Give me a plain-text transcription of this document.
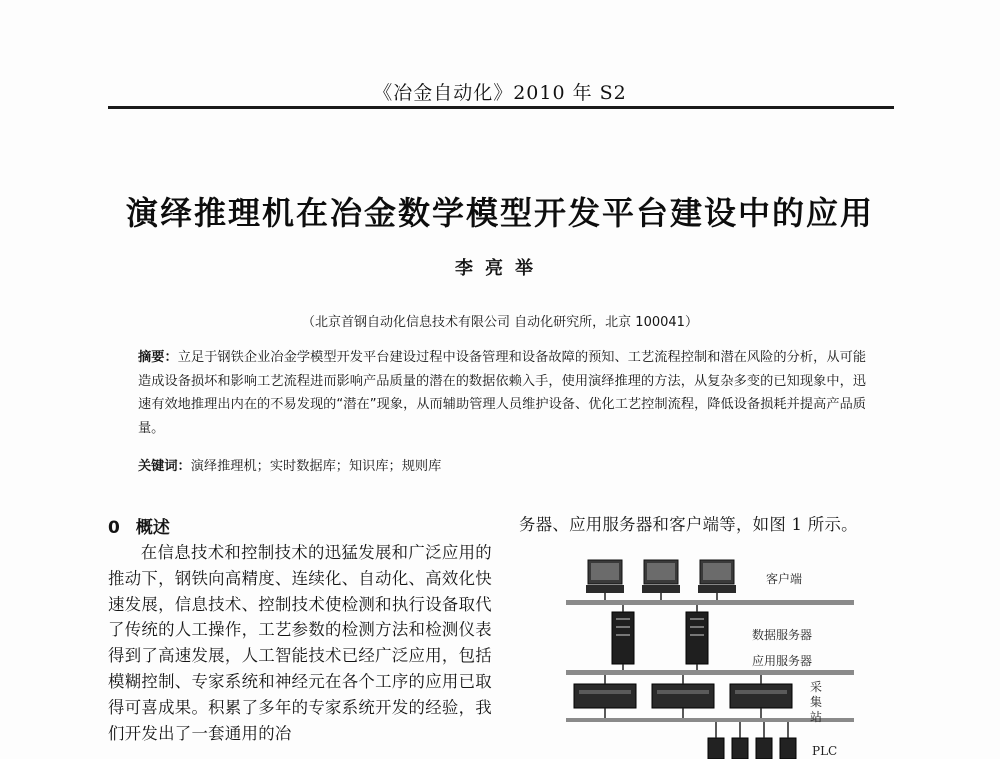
《冶金自动化》2010 年 S2
演绎推理机在冶金数学模型开发平台建设中的应用
李亮举
（北京首钢自动化信息技术有限公司 自动化研究所，北京 100041）
摘要：立足于钢铁企业冶金学模型开发平台建设过程中设备管理和设备故障的预知、工艺流程控制和潜在风险的分析，从可能造成设备损坏和影响工艺流程进而影响产品质量的潜在的数据依赖入手，使用演绎推理的方法，从复杂多变的已知现象中，迅速有效地推理出内在的不易发现的“潜在”现象，从而辅助管理人员维护设备、优化工艺控制流程，降低设备损耗并提高产品质量。
关键词：演绎推理机；实时数据库；知识库；规则库
0 概述
在信息技术和控制技术的迅猛发展和广泛应用的推动下，钢铁向高精度、连续化、自动化、高效化快速发展，信息技术、控制技术使检测和执行设备取代了传统的人工操作，工艺参数的检测方法和检测仪表得到了高速发展，人工智能技术已经广泛应用，包括模糊控制、专家系统和神经元在各个工序的应用已取得可喜成果。积累了多年的专家系统开发的经验，我们开发出了一套通用的冶
务器、应用服务器和客户端等，如图 1 所示。
客户端
数据服务器
应用服务器
采集站
PLC
